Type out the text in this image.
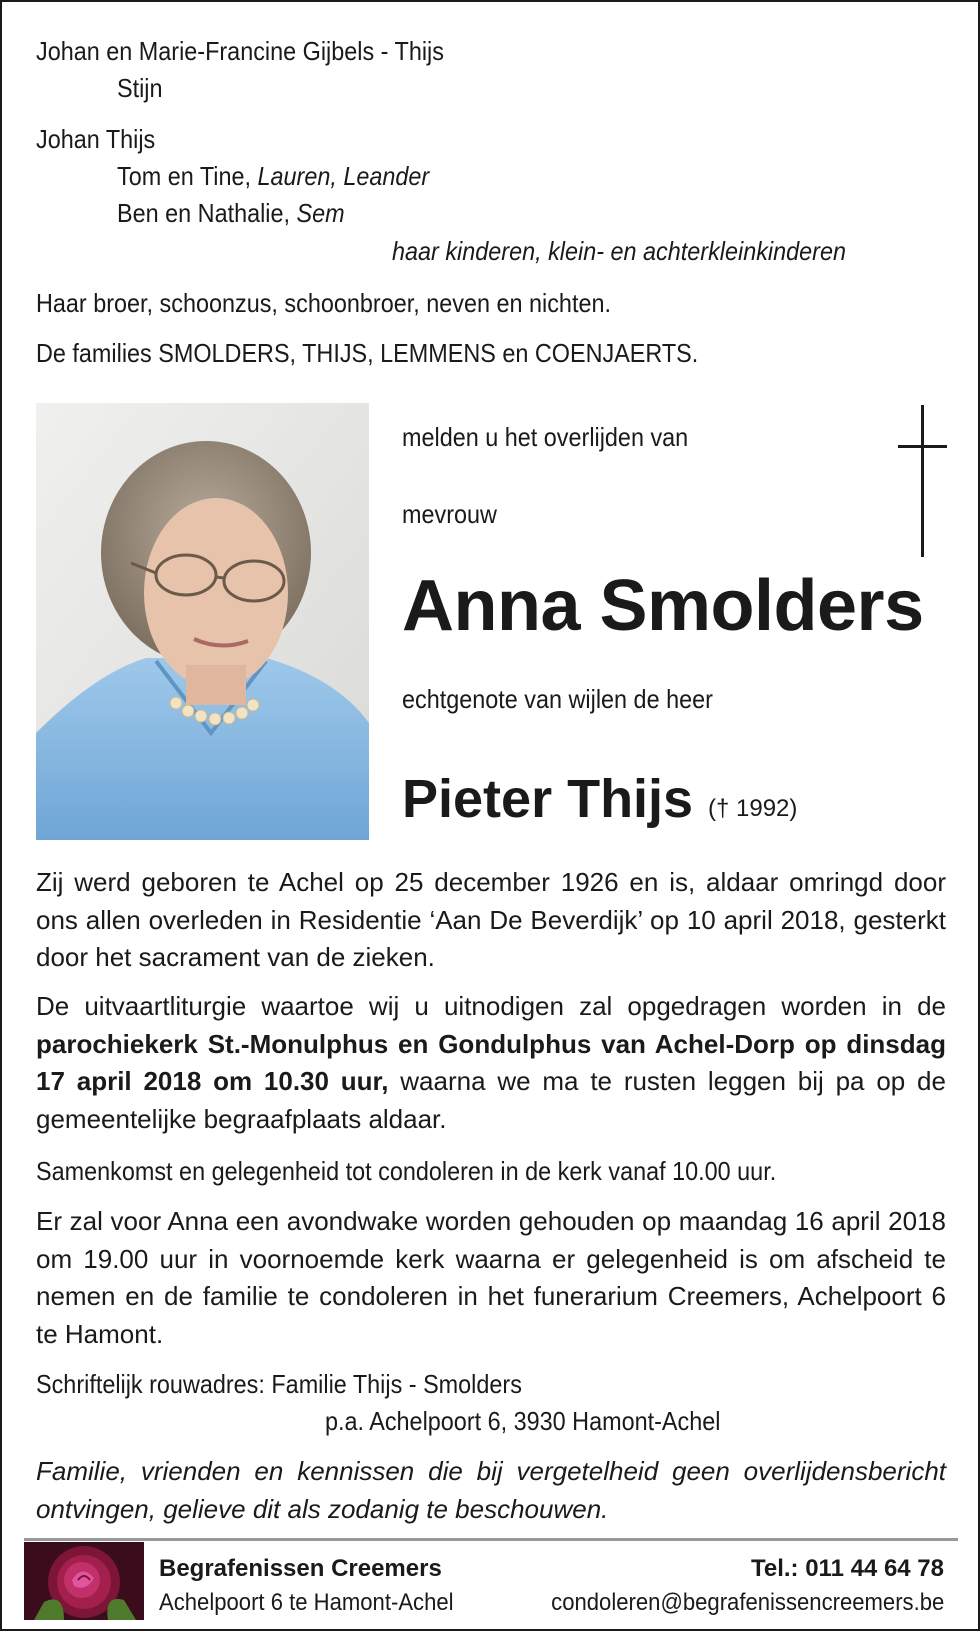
Johan en Marie-Francine Gijbels - Thijs
Stijn
Johan Thijs
Tom en Tine, Lauren, Leander
Ben en Nathalie, Sem
haar kinderen, klein- en achterkleinkinderen
Haar broer, schoonzus, schoonbroer, neven en nichten.
De families SMOLDERS, THIJS, LEMMENS en COENJAERTS.
melden u het overlijden van
mevrouw
Anna Smolders
echtgenote van wijlen de heer
Pieter Thijs († 1992)
Zij werd geboren te Achel op 25 december 1926 en is, aldaar omringd door ons allen overleden in Residentie ‘Aan De Beverdijk’ op 10 april 2018, gesterkt door het sacrament van de zieken.
De uitvaartliturgie waartoe wij u uitnodigen zal opgedragen worden in de parochiekerk St.-Monulphus en Gondulphus van Achel-Dorp op dinsdag 17 april 2018 om 10.30 uur, waarna we ma te rusten leggen bij pa op de gemeentelijke begraafplaats aldaar.
Samenkomst en gelegenheid tot condoleren in de kerk vanaf 10.00 uur.
Er zal voor Anna een avondwake worden gehouden op maandag 16 april 2018 om 19.00 uur in voornoemde kerk waarna er gelegenheid is om afscheid te nemen en de familie te condoleren in het funerarium Creemers, Achelpoort 6 te Hamont.
Schriftelijk rouwadres: Familie Thijs - Smolders
p.a. Achelpoort 6, 3930 Hamont-Achel
Familie, vrienden en kennissen die bij vergetelheid geen overlijdensbericht ontvingen, gelieve dit als zodanig te beschouwen.
Begrafenissen Creemers
Achelpoort 6 te Hamont-Achel
Tel.: 011 44 64 78
condoleren@begrafenissencreemers.be
